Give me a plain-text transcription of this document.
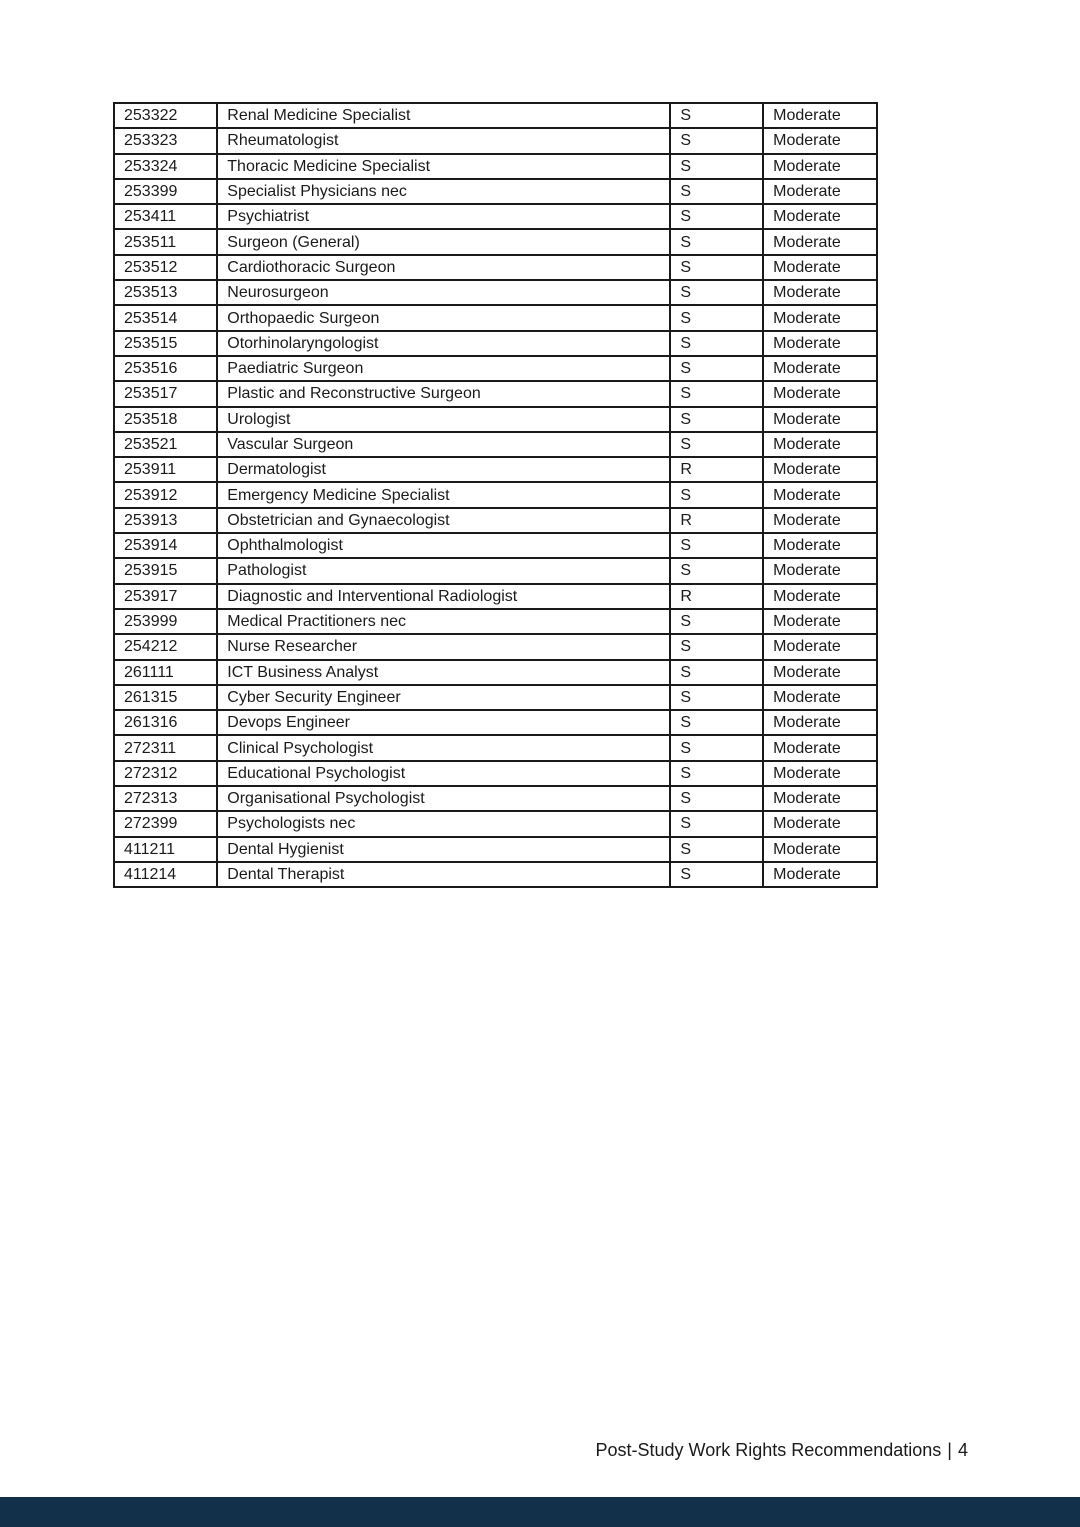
253322	Renal Medicine Specialist	S	Moderate
253323	Rheumatologist	S	Moderate
253324	Thoracic Medicine Specialist	S	Moderate
253399	Specialist Physicians nec	S	Moderate
253411	Psychiatrist	S	Moderate
253511	Surgeon (General)	S	Moderate
253512	Cardiothoracic Surgeon	S	Moderate
253513	Neurosurgeon	S	Moderate
253514	Orthopaedic Surgeon	S	Moderate
253515	Otorhinolaryngologist	S	Moderate
253516	Paediatric Surgeon	S	Moderate
253517	Plastic and Reconstructive Surgeon	S	Moderate
253518	Urologist	S	Moderate
253521	Vascular Surgeon	S	Moderate
253911	Dermatologist	R	Moderate
253912	Emergency Medicine Specialist	S	Moderate
253913	Obstetrician and Gynaecologist	R	Moderate
253914	Ophthalmologist	S	Moderate
253915	Pathologist	S	Moderate
253917	Diagnostic and Interventional Radiologist	R	Moderate
253999	Medical Practitioners nec	S	Moderate
254212	Nurse Researcher	S	Moderate
261111	ICT Business Analyst	S	Moderate
261315	Cyber Security Engineer	S	Moderate
261316	Devops Engineer	S	Moderate
272311	Clinical Psychologist	S	Moderate
272312	Educational Psychologist	S	Moderate
272313	Organisational Psychologist	S	Moderate
272399	Psychologists nec	S	Moderate
411211	Dental Hygienist	S	Moderate
411214	Dental Therapist	S	Moderate
Post-Study Work Rights Recommendations | 4
